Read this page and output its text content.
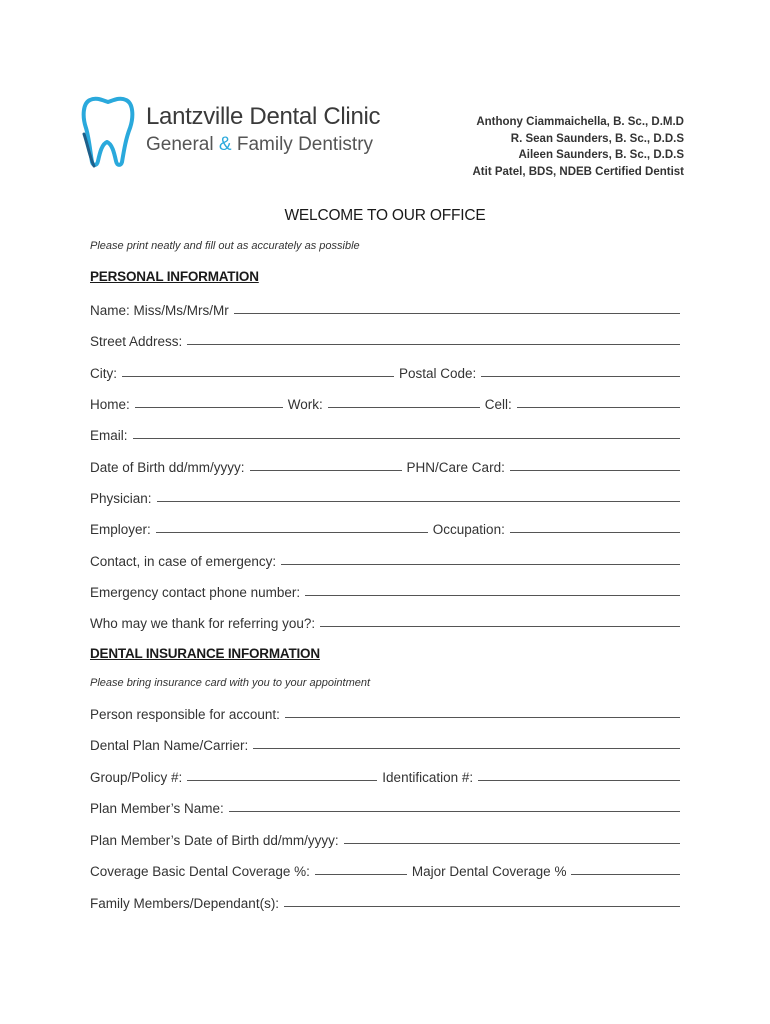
Lantzville Dental Clinic
General & Family Dentistry
Anthony Ciammaichella, B. Sc., D.M.D
R. Sean Saunders, B. Sc., D.D.S
Aileen Saunders, B. Sc., D.D.S
Atit Patel, BDS, NDEB Certified Dentist
WELCOME TO OUR OFFICE
Please print neatly and fill out as accurately as possible
PERSONAL INFORMATION
Name: Miss/Ms/Mrs/Mr
Street Address:
City:	Postal Code:
Home:	Work:	Cell:
Email:
Date of Birth dd/mm/yyyy:	PHN/Care Card:
Physician:
Employer:	Occupation:
Contact, in case of emergency:
Emergency contact phone number:
Who may we thank for referring you?:
DENTAL INSURANCE INFORMATION
Please bring insurance card with you to your appointment
Person responsible for account:
Dental Plan Name/Carrier:
Group/Policy #:	Identification #:
Plan Member’s Name:
Plan Member’s Date of Birth dd/mm/yyyy:
Coverage Basic Dental Coverage %:	Major Dental Coverage %
Family Members/Dependant(s):
